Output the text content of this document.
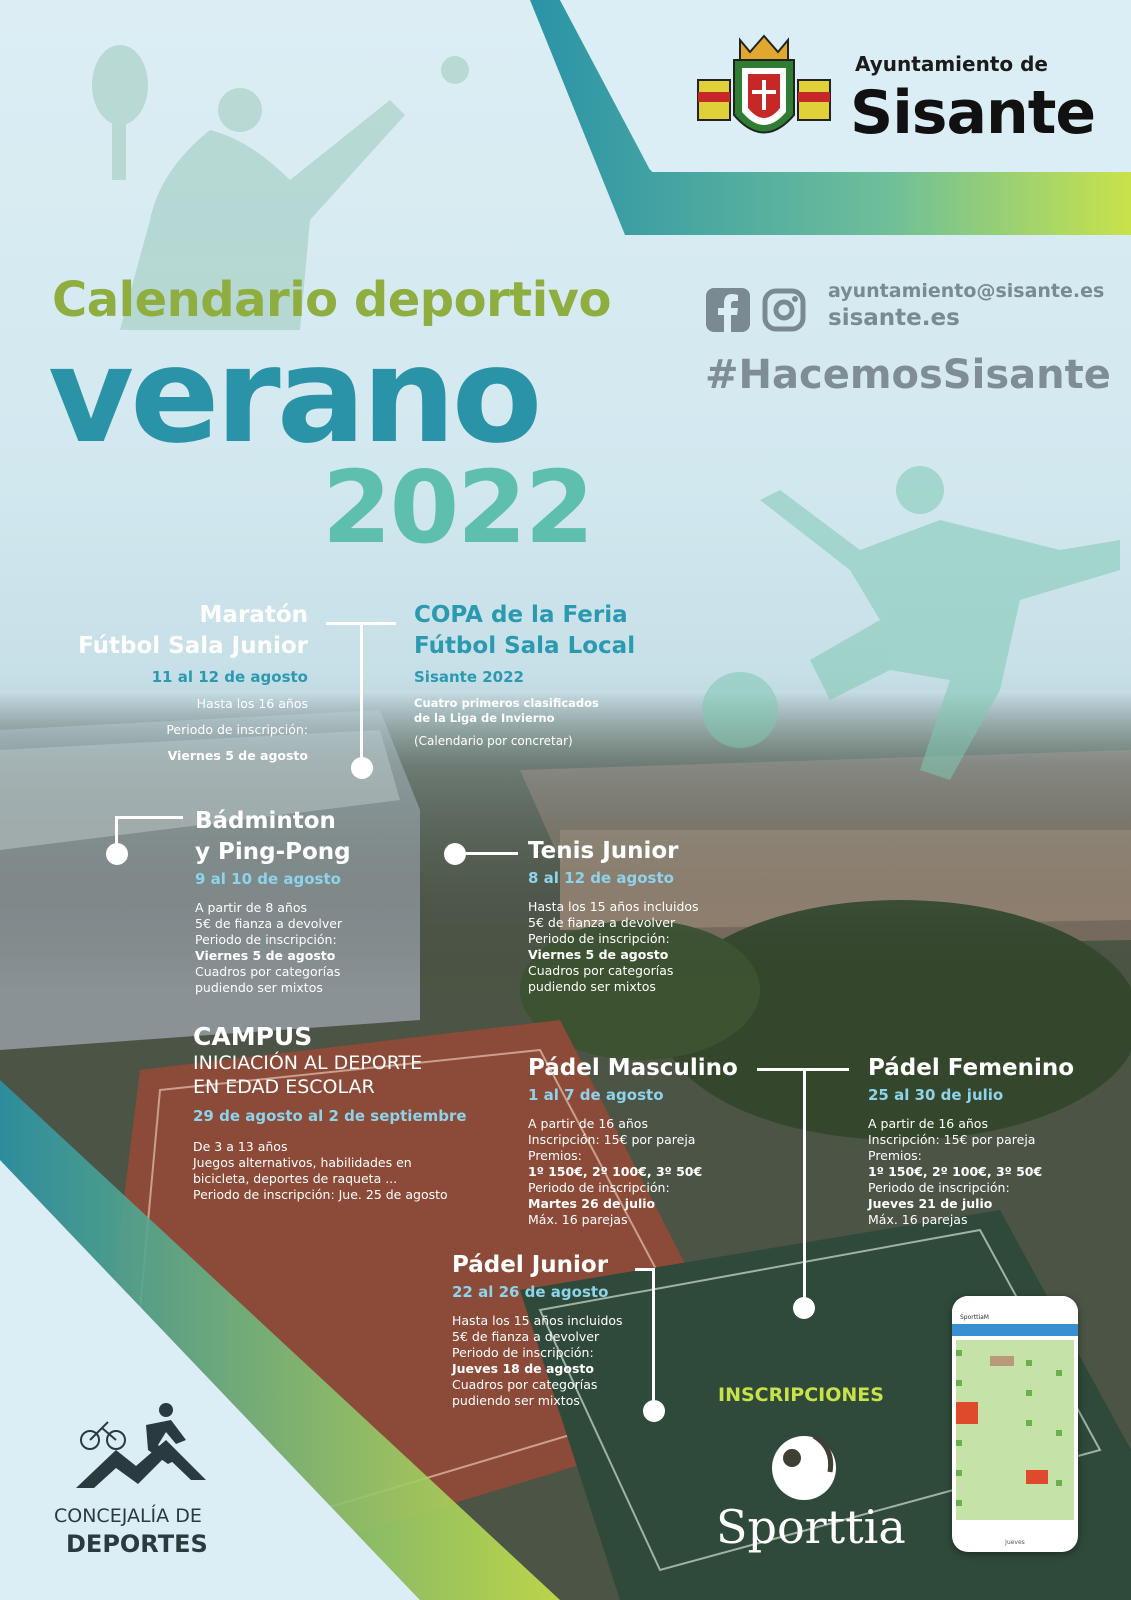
Ayuntamiento de
Sisante
ayuntamiento@sisante.es
sisante.es
#HacemosSisante
Calendario deportivo
verano
2022
Maratón
Fútbol Sala Junior
11 al 12 de agosto
Hasta los 16 años
Periodo de inscripción:
Viernes 5 de agosto
COPA de la Feria
Fútbol Sala Local
Sisante 2022
Cuatro primeros clasificados
de la Liga de Invierno
(Calendario por concretar)
Bádminton
y Ping-Pong
9 al 10 de agosto
A partir de 8 años
5€ de fianza a devolver
Periodo de inscripción:
Viernes 5 de agosto
Cuadros por categorías
pudiendo ser mixtos
Tenis Junior
8 al 12 de agosto
Hasta los 15 años incluidos
5€ de fianza a devolver
Periodo de inscripción:
Viernes 5 de agosto
Cuadros por categorías
pudiendo ser mixtos
CAMPUS
INICIACIÓN AL DEPORTE
EN EDAD ESCOLAR
29 de agosto al 2 de septiembre
De 3 a 13 años
Juegos alternativos, habilidades en
bicicleta, deportes de raqueta ...
Periodo de inscripción: Jue. 25 de agosto
Pádel Masculino
1 al 7 de agosto
A partir de 16 años
Inscripción: 15€ por pareja
Premios:
1º 150€, 2º 100€, 3º 50€
Periodo de inscripción:
Martes 26 de julio
Máx. 16 parejas
Pádel Femenino
25 al 30 de julio
A partir de 16 años
Inscripción: 15€ por pareja
Premios:
1º 150€, 2º 100€, 3º 50€
Periodo de inscripción:
Jueves 21 de julio
Máx. 16 parejas
Pádel Junior
22 al 26 de agosto
Hasta los 15 años incluidos
5€ de fianza a devolver
Periodo de inscripción:
Jueves 18 de agosto
Cuadros por categorías
pudiendo ser mixtos	INSCRIPCIONES
Sporttia
SporttiaM
Jueves
CONCEJALÍA DE
DEPORTES
